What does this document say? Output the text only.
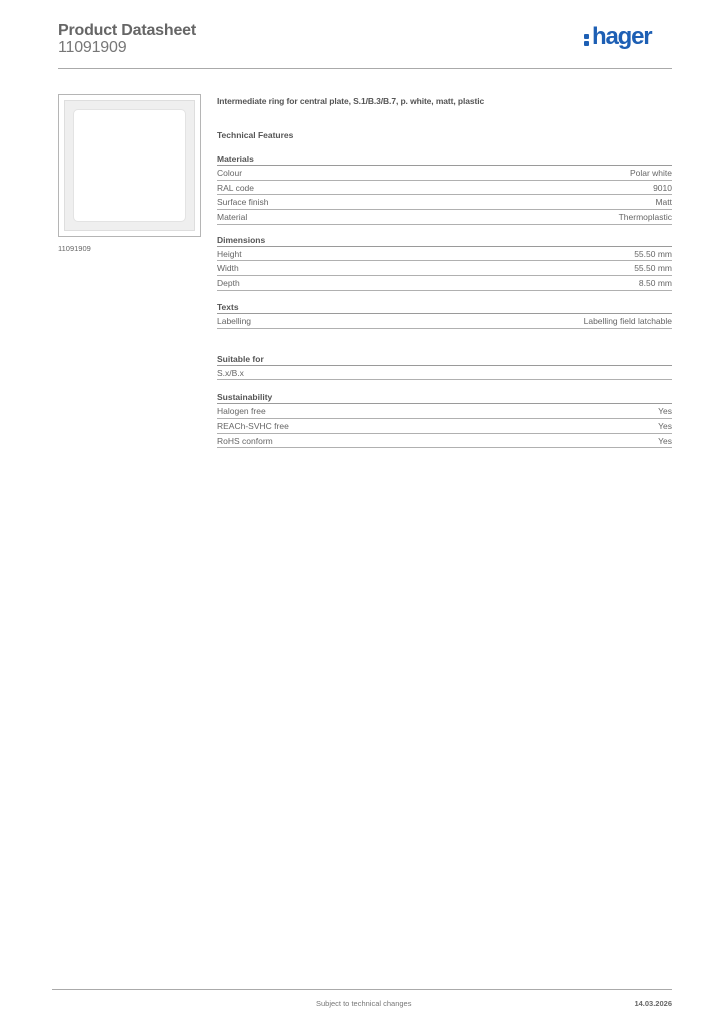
Product Datasheet
11091909	hager
11091909
Intermediate ring for central plate, S.1/B.3/B.7, p. white, matt, plastic
Technical Features
Materials
Colour	Polar white
RAL code	9010
Surface finish	Matt
Material	Thermoplastic
Dimensions
Height	55.50 mm
Width	55.50 mm
Depth	8.50 mm
Texts
Labelling	Labelling field latchable
Suitable for
S.x/B.x
Sustainability
Halogen free	Yes
REACh-SVHC free	Yes
RoHS conform	Yes
Subject to technical changes	14.03.2026
